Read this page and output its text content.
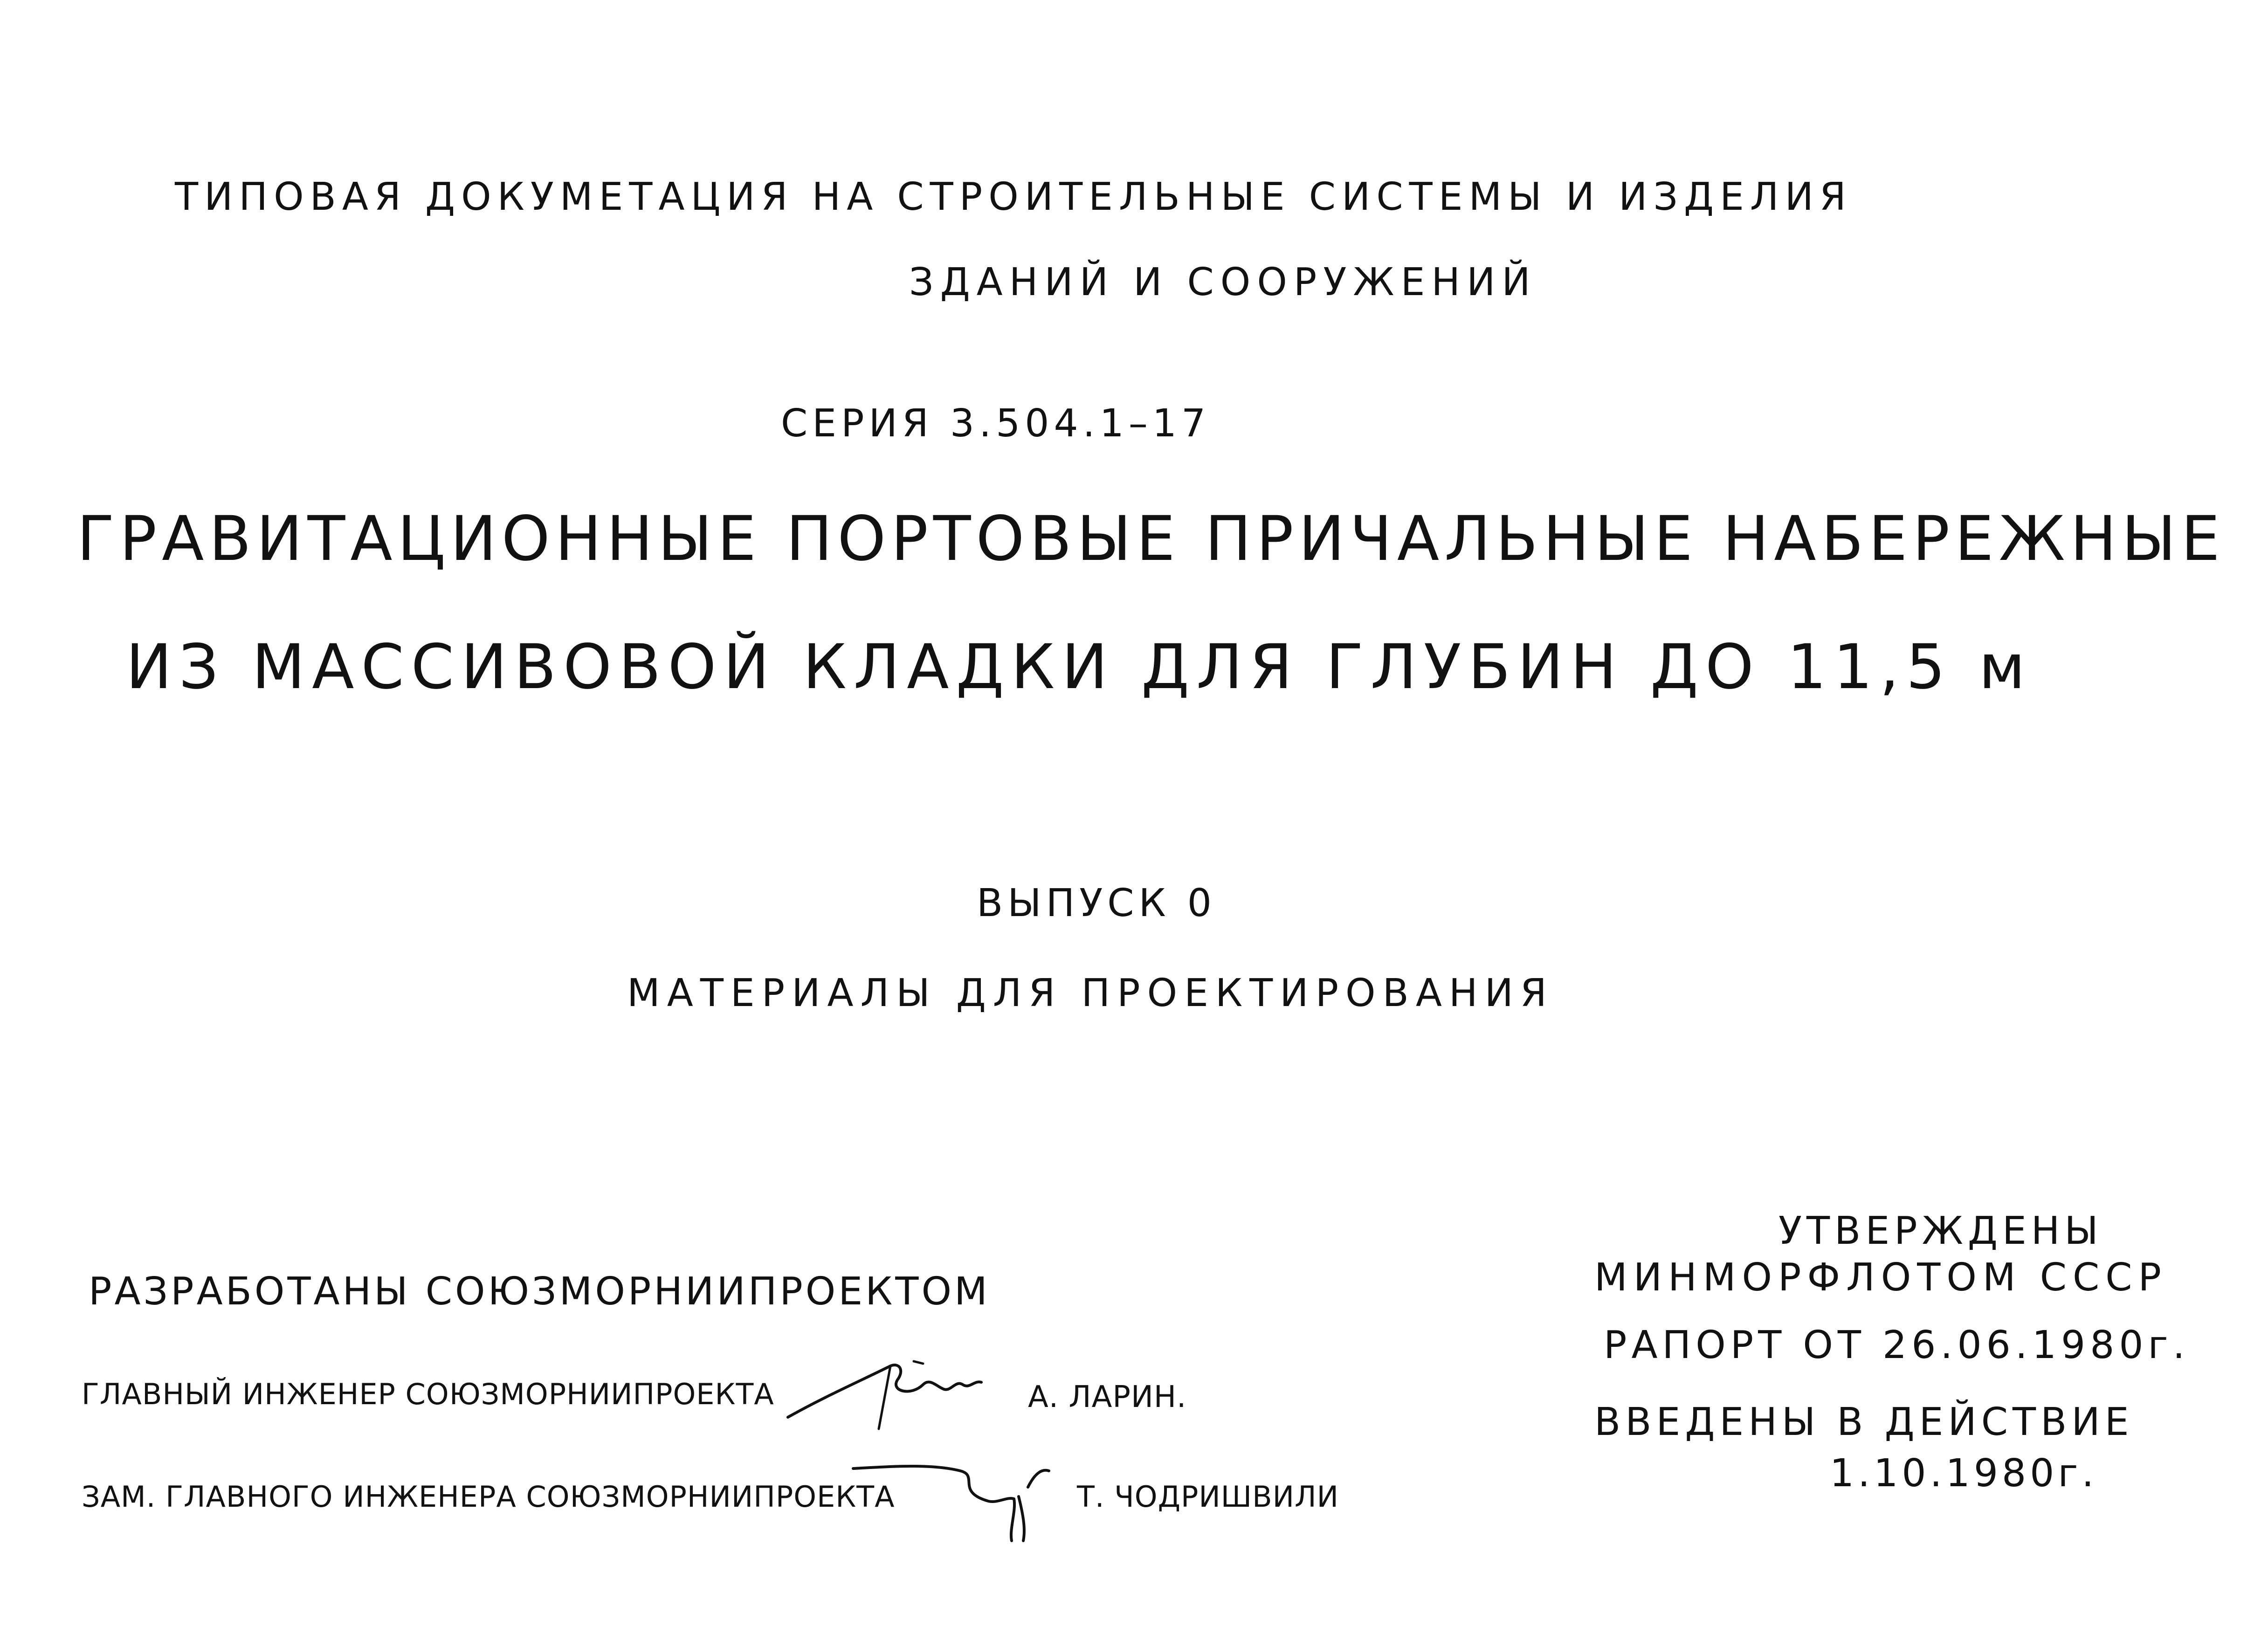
ТИПОВАЯ ДОКУМЕТАЦИЯ НА СТРОИТЕЛЬНЫЕ СИСТЕМЫ И ИЗДЕЛИЯ
ЗДАНИЙ И СООРУЖЕНИЙ
СЕРИЯ 3.504.1–17
ГРАВИТАЦИОННЫЕ ПОРТОВЫЕ ПРИЧАЛЬНЫЕ НАБЕРЕЖНЫЕ
ИЗ МАССИВОВОЙ КЛАДКИ ДЛЯ ГЛУБИН ДО 11,5 м
ВЫПУСК 0
МАТЕРИАЛЫ ДЛЯ ПРОЕКТИРОВАНИЯ
РАЗРАБОТАНЫ СОЮЗМОРНИИПРОЕКТОМ
ГЛАВНЫЙ ИНЖЕНЕР СОЮЗМОРНИИПРОЕКТА	А. ЛАРИН.
ЗАМ. ГЛАВНОГО ИНЖЕНЕРА СОЮЗМОРНИИПРОЕКТА	Т. ЧОДРИШВИЛИ
УТВЕРЖДЕНЫ
МИНМОРФЛОТОМ СССР
РАПОРТ ОТ 26.06.1980г.
ВВЕДЕНЫ В ДЕЙСТВИЕ
1.10.1980г.
